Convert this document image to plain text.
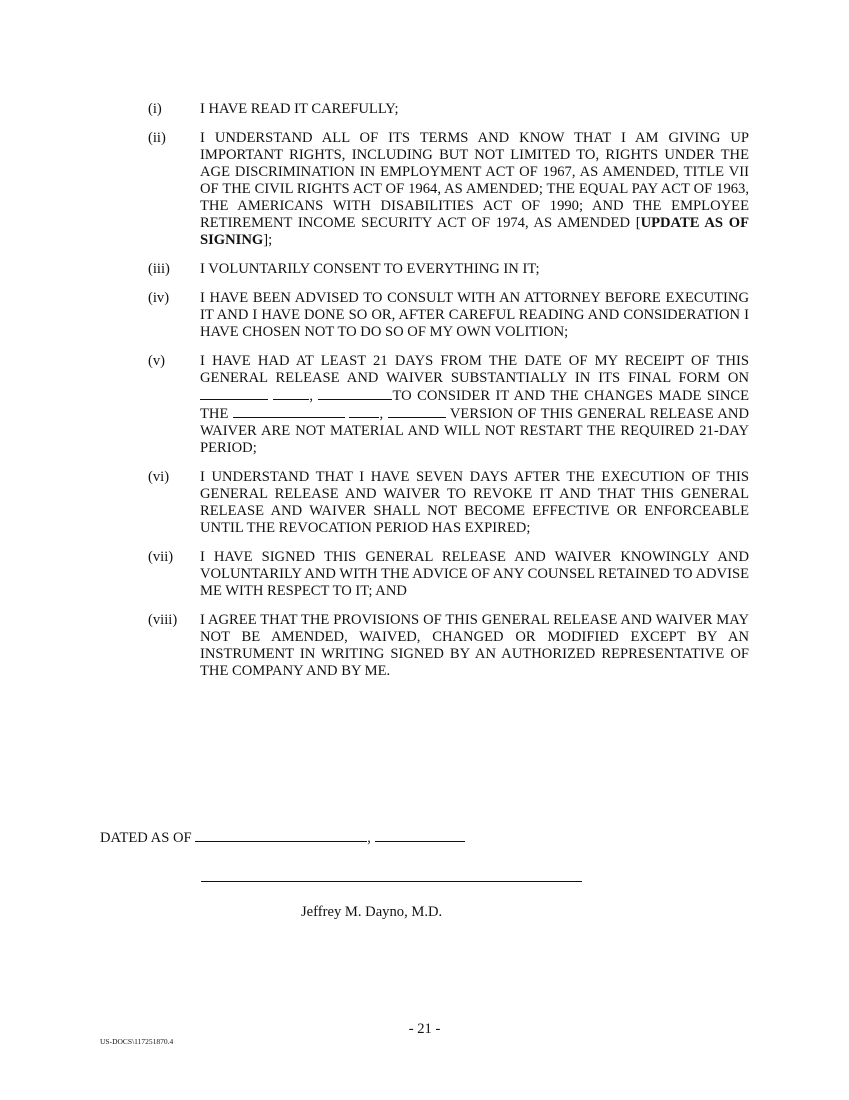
(i)	I HAVE READ IT CAREFULLY;
(ii)	I UNDERSTAND ALL OF ITS TERMS AND KNOW THAT I AM GIVING UP IMPORTANT RIGHTS, INCLUDING BUT NOT LIMITED TO, RIGHTS UNDER THE AGE DISCRIMINATION IN EMPLOYMENT ACT OF 1967, AS AMENDED, TITLE VII OF THE CIVIL RIGHTS ACT OF 1964, AS AMENDED; THE EQUAL PAY ACT OF 1963, THE AMERICANS WITH DISABILITIES ACT OF 1990; AND THE EMPLOYEE RETIREMENT INCOME SECURITY ACT OF 1974, AS AMENDED [UPDATE AS OF SIGNING];
(iii)	I VOLUNTARILY CONSENT TO EVERYTHING IN IT;
(iv)	I HAVE BEEN ADVISED TO CONSULT WITH AN ATTORNEY BEFORE EXECUTING IT AND I HAVE DONE SO OR, AFTER CAREFUL READING AND CONSIDERATION I HAVE CHOSEN NOT TO DO SO OF MY OWN VOLITION;
(v)	I HAVE HAD AT LEAST 21 DAYS FROM THE DATE OF MY RECEIPT OF THIS GENERAL RELEASE AND WAIVER SUBSTANTIALLY IN ITS FINAL FORM ON  ,	TO CONSIDER IT AND THE CHANGES MADE SINCE THE	,	VERSION OF THIS GENERAL RELEASE AND WAIVER ARE NOT MATERIAL AND WILL NOT RESTART THE REQUIRED 21-DAY PERIOD;
(vi)	I UNDERSTAND THAT I HAVE SEVEN DAYS AFTER THE EXECUTION OF THIS GENERAL RELEASE AND WAIVER TO REVOKE IT AND THAT THIS GENERAL RELEASE AND WAIVER SHALL NOT BECOME EFFECTIVE OR ENFORCEABLE UNTIL THE REVOCATION PERIOD HAS EXPIRED;
(vii)	I HAVE SIGNED THIS GENERAL RELEASE AND WAIVER KNOWINGLY AND VOLUNTARILY AND WITH THE ADVICE OF ANY COUNSEL RETAINED TO ADVISE ME WITH RESPECT TO IT; AND
(viii)	I AGREE THAT THE PROVISIONS OF THIS GENERAL RELEASE AND WAIVER MAY NOT BE AMENDED, WAIVED, CHANGED OR MODIFIED EXCEPT BY AN INSTRUMENT IN WRITING SIGNED BY AN AUTHORIZED REPRESENTATIVE OF THE COMPANY AND BY ME.
DATED AS OF	,
Jeffrey M. Dayno, M.D.
- 21 -
US-DOCS\117251870.4
